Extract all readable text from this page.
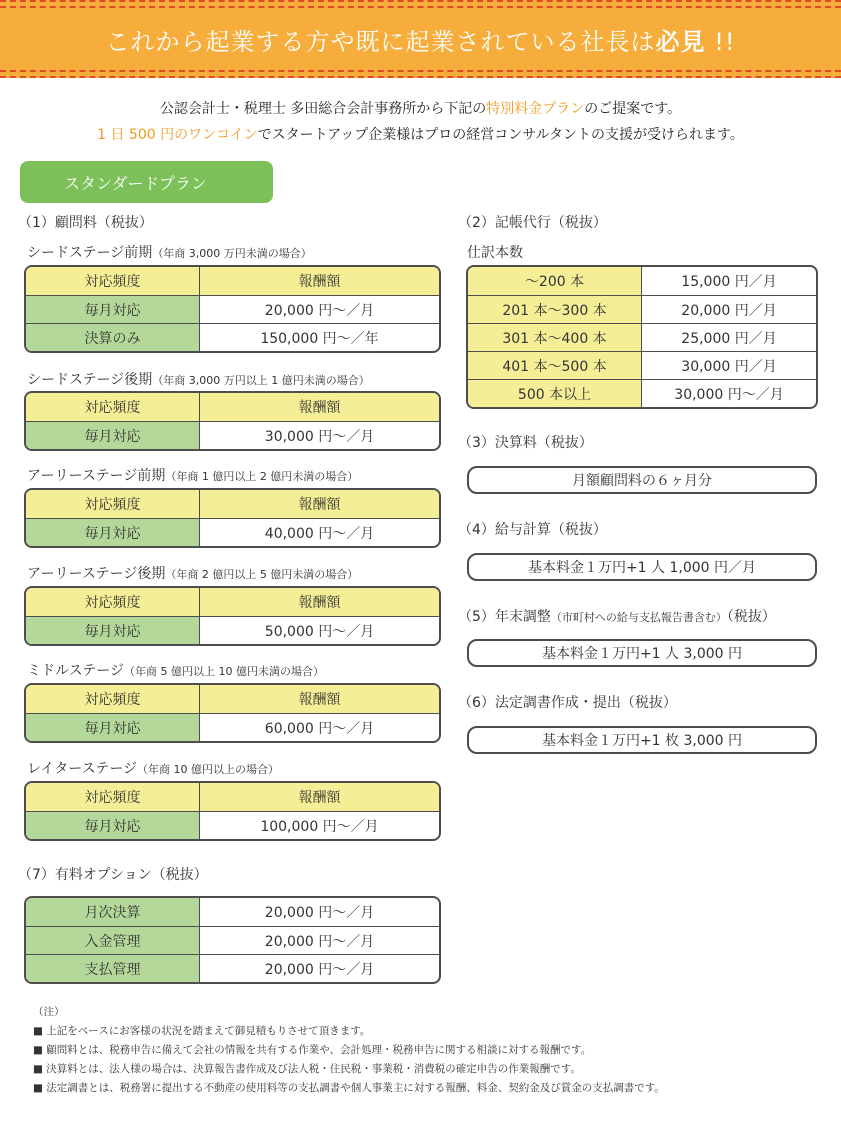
これから起業する方や既に起業されている社長は必見 !!
公認会計士・税理士 多田総合会計事務所から下記の特別料金プランのご提案です。
1 日 500 円のワンコインでスタートアップ企業様はプロの経営コンサルタントの支援が受けられます。
スタンダードプラン
（1）顧問料（税抜）
シードステージ前期（年商 3,000 万円未満の場合）
対応頻度	報酬額
毎月対応	20,000 円〜／月
決算のみ	150,000 円〜／年
シードステージ後期（年商 3,000 万円以上 1 億円未満の場合）
対応頻度	報酬額
毎月対応	30,000 円〜／月
アーリーステージ前期（年商 1 億円以上 2 億円未満の場合）
対応頻度	報酬額
毎月対応	40,000 円〜／月
アーリーステージ後期（年商 2 億円以上 5 億円未満の場合）
対応頻度	報酬額
毎月対応	50,000 円〜／月
ミドルステージ（年商 5 億円以上 10 億円未満の場合）
対応頻度	報酬額
毎月対応	60,000 円〜／月
レイターステージ（年商 10 億円以上の場合）
対応頻度	報酬額
毎月対応	100,000 円〜／月
（7）有料オプション（税抜）
月次決算	20,000 円〜／月
入金管理	20,000 円〜／月
支払管理	20,000 円〜／月
（2）記帳代行（税抜）
仕訳本数
〜200 本	15,000 円／月
201 本〜300 本	20,000 円／月
301 本〜400 本	25,000 円／月
401 本〜500 本	30,000 円／月
500 本以上	30,000 円〜／月
（3）決算料（税抜）
月額顧問料の６ヶ月分
（4）給与計算（税抜）
基本料金１万円+1 人 1,000 円／月
（5）年末調整（市町村への給与支払報告書含む）（税抜）
基本料金１万円+1 人 3,000 円
（6）法定調書作成・提出（税抜）
基本料金１万円+1 枚 3,000 円
（注）
■ 上記をベースにお客様の状況を踏まえて御見積もりさせて頂きます。
■ 顧問料とは、税務申告に備えて会社の情報を共有する作業や、会計処理・税務申告に関する相談に対する報酬です。
■ 決算料とは、法人様の場合は、決算報告書作成及び法人税・住民税・事業税・消費税の確定申告の作業報酬です。
■ 法定調書とは、税務署に提出する不動産の使用料等の支払調書や個人事業主に対する報酬、料金、契約金及び賞金の支払調書です。
